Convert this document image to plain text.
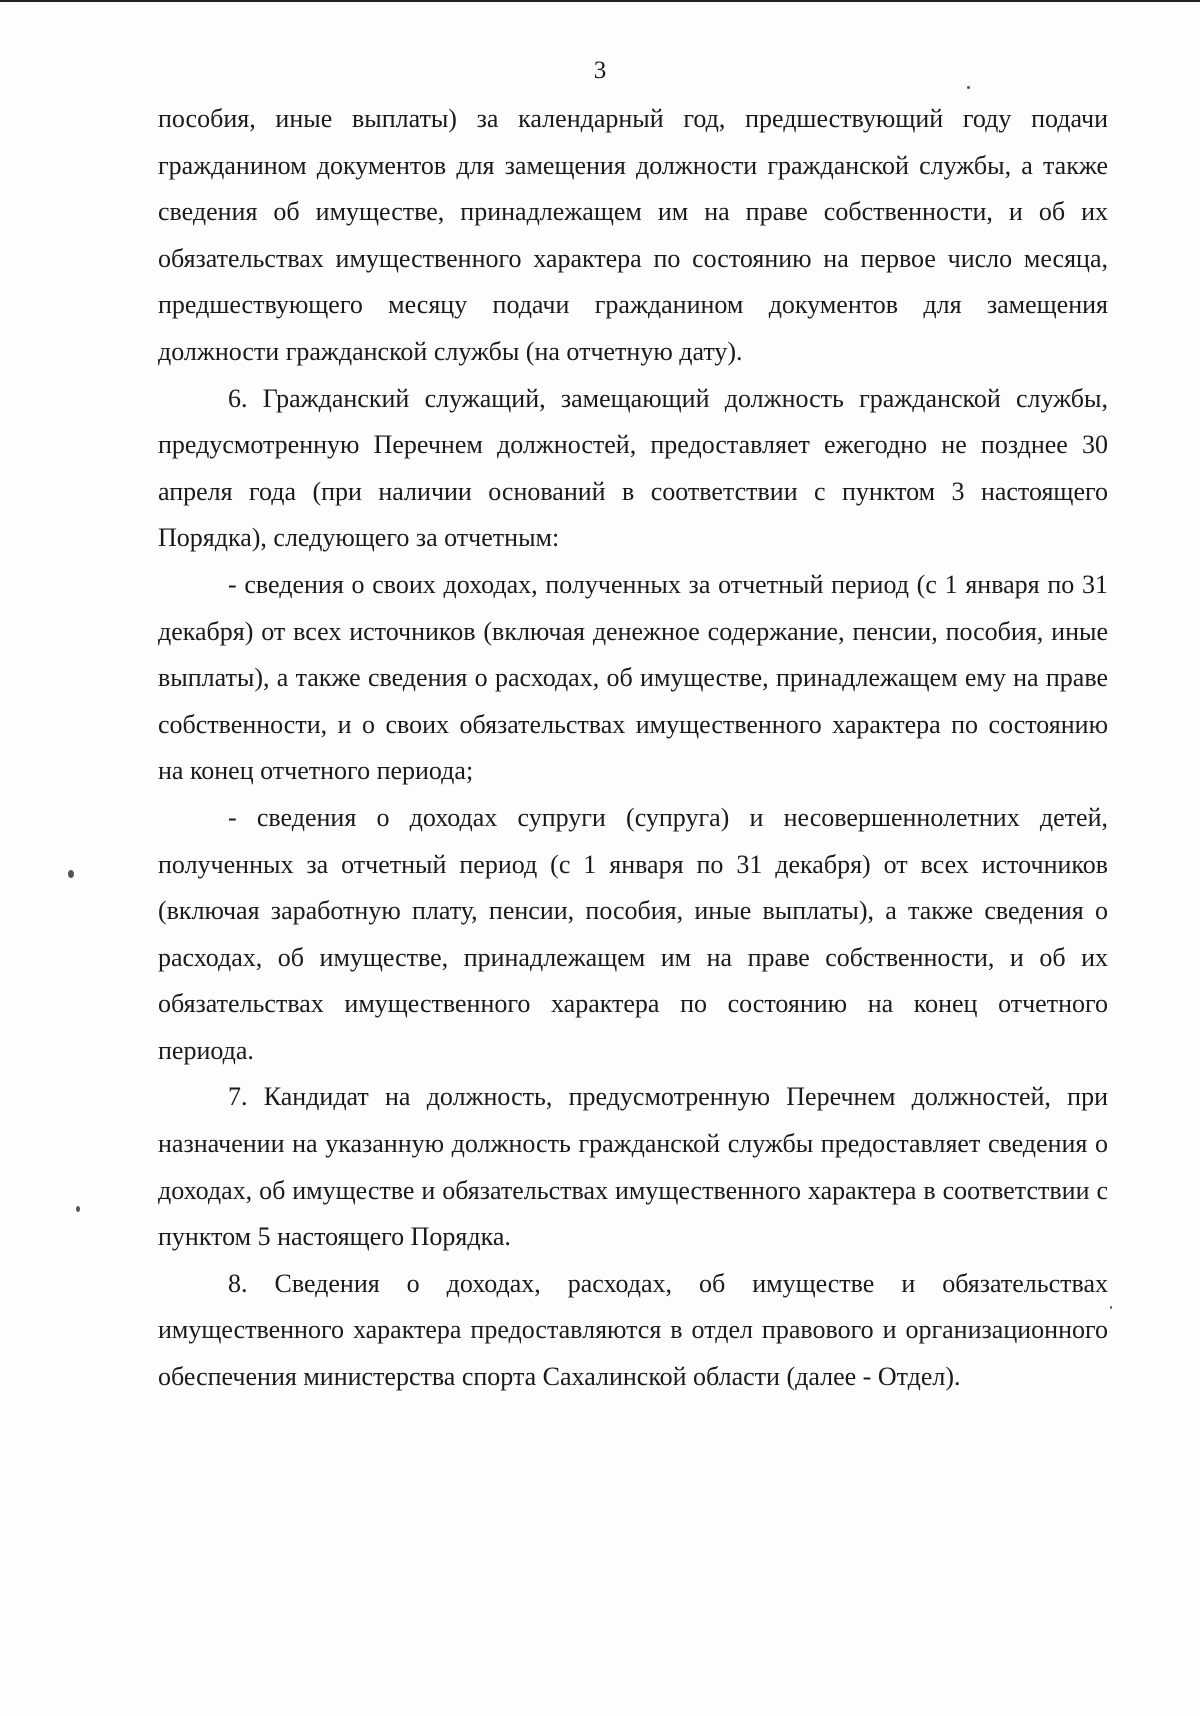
3

пособия, иные выплаты) за календарный год, предшествующий году подачи гражданином документов для замещения должности гражданской службы, а также сведения об имуществе, принадлежащем им на праве собственности, и об их обязательствах имущественного характера по состоянию на первое число месяца, предшествующего месяцу подачи гражданином документов для замещения должности гражданской службы (на отчетную дату).

6. Гражданский служащий, замещающий должность гражданской службы, предусмотренную Перечнем должностей, предоставляет ежегодно не позднее 30 апреля года (при наличии оснований в соответствии с пунктом 3 настоящего Порядка), следующего за отчетным:

- сведения о своих доходах, полученных за отчетный период (с 1 января по 31 декабря) от всех источников (включая денежное содержание, пенсии, пособия, иные выплаты), а также сведения о расходах, об имуществе, принадлежащем ему на праве собственности, и о своих обязательствах имущественного характера по состоянию на конец отчетного периода;

- сведения о доходах супруги (супруга) и несовершеннолетних детей, полученных за отчетный период (с 1 января по 31 декабря) от всех источников (включая заработную плату, пенсии, пособия, иные выплаты), а также сведения о расходах, об имуществе, принадлежащем им на праве собственности, и об их обязательствах имущественного характера по состоянию на конец отчетного периода.

7. Кандидат на должность, предусмотренную Перечнем должностей, при назначении на указанную должность гражданской службы предоставляет сведения о доходах, об имуществе и обязательствах имущественного характера в соответствии с пунктом 5 настоящего Порядка.

8. Сведения о доходах, расходах, об имуществе и обязательствах имущественного характера предоставляются в отдел правового и организационного обеспечения министерства спорта Сахалинской области (далее - Отдел).
